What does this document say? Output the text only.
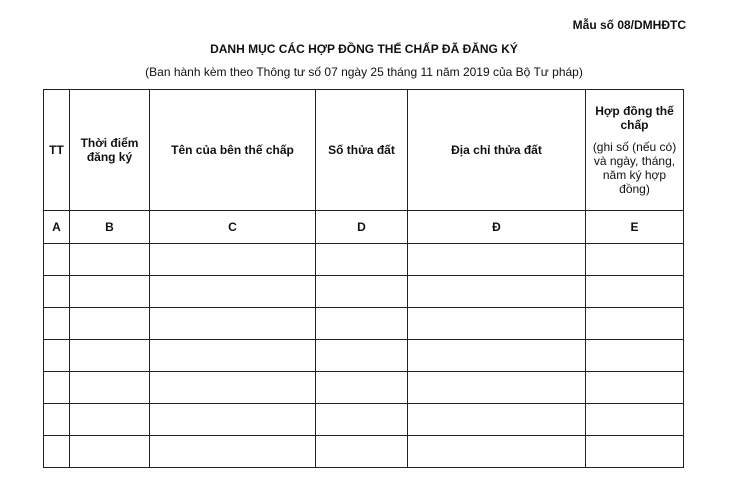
Mẫu số 08/DMHĐTC
DANH MỤC CÁC HỢP ĐỒNG THẾ CHẤP ĐÃ ĐĂNG KÝ
(Ban hành kèm theo Thông tư số 07 ngày 25 tháng 11 năm 2019 của Bộ Tư pháp)
TT	Thời điểm đăng ký	Tên của bên thế chấp	Số thửa đất	Địa chỉ thửa đất	Hợp đồng thế chấp
(ghi số (nếu có) và ngày, tháng, năm ký hợp đồng)

A	B	C	D	Đ	E
